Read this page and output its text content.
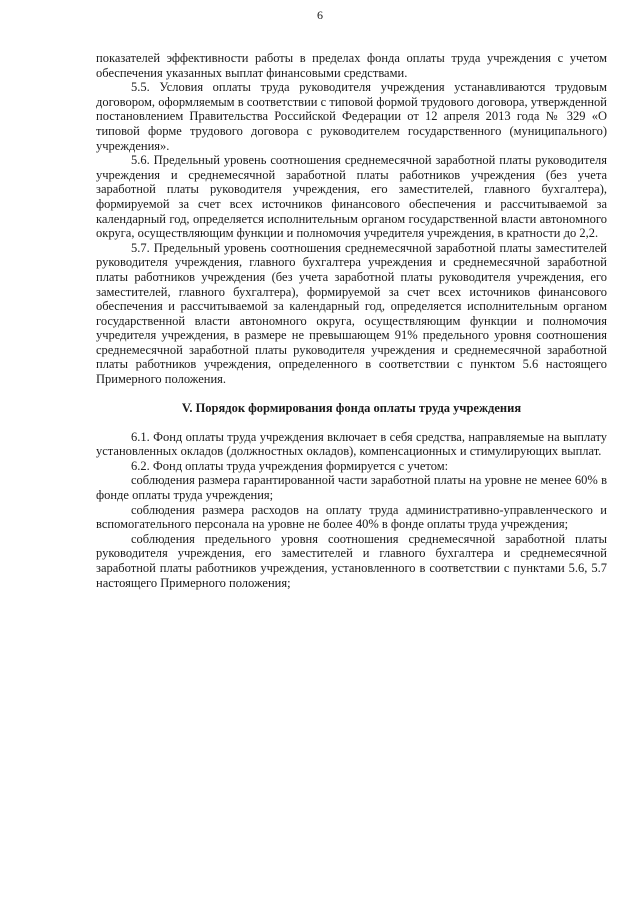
6

показателей эффективности работы в пределах фонда оплаты труда учреждения с учетом обеспечения указанных выплат финансовыми средствами.

5.5. Условия оплаты труда руководителя учреждения устанавливаются трудовым договором, оформляемым в соответствии с типовой формой трудового договора, утвержденной постановлением Правительства Российской Федерации от 12 апреля 2013 года № 329 «О типовой форме трудового договора с руководителем государственного (муниципального) учреждения».

5.6. Предельный уровень соотношения среднемесячной заработной платы руководителя учреждения и среднемесячной заработной платы работников учреждения (без учета заработной платы руководителя учреждения, его заместителей, главного бухгалтера), формируемой за счет всех источников финансового обеспечения и рассчитываемой за календарный год, определяется исполнительным органом государственной власти автономного округа, осуществляющим функции и полномочия учредителя учреждения, в кратности до 2,2.

5.7. Предельный уровень соотношения среднемесячной заработной платы заместителей руководителя учреждения, главного бухгалтера учреждения и среднемесячной заработной платы работников учреждения (без учета заработной платы руководителя учреждения, его заместителей, главного бухгалтера), формируемой за счет всех источников финансового обеспечения и рассчитываемой за календарный год, определяется исполнительным органом государственной власти автономного округа, осуществляющим функции и полномочия учредителя учреждения, в размере не превышающем 91% предельного уровня соотношения среднемесячной заработной платы руководителя учреждения и среднемесячной заработной платы работников учреждения, определенного в соответствии с пунктом 5.6 настоящего Примерного положения.

V. Порядок формирования фонда оплаты труда учреждения

6.1. Фонд оплаты труда учреждения включает в себя средства, направляемые на выплату установленных окладов (должностных окладов), компенсационных и стимулирующих выплат.

6.2. Фонд оплаты труда учреждения формируется с учетом:

соблюдения размера гарантированной части заработной платы на уровне не менее 60% в фонде оплаты труда учреждения;

соблюдения размера расходов на оплату труда административно-управленческого и вспомогательного персонала на уровне не более 40% в фонде оплаты труда учреждения;

соблюдения предельного уровня соотношения среднемесячной заработной платы руководителя учреждения, его заместителей и главного бухгалтера и среднемесячной заработной платы работников учреждения, установленного в соответствии с пунктами 5.6, 5.7 настоящего Примерного положения;
